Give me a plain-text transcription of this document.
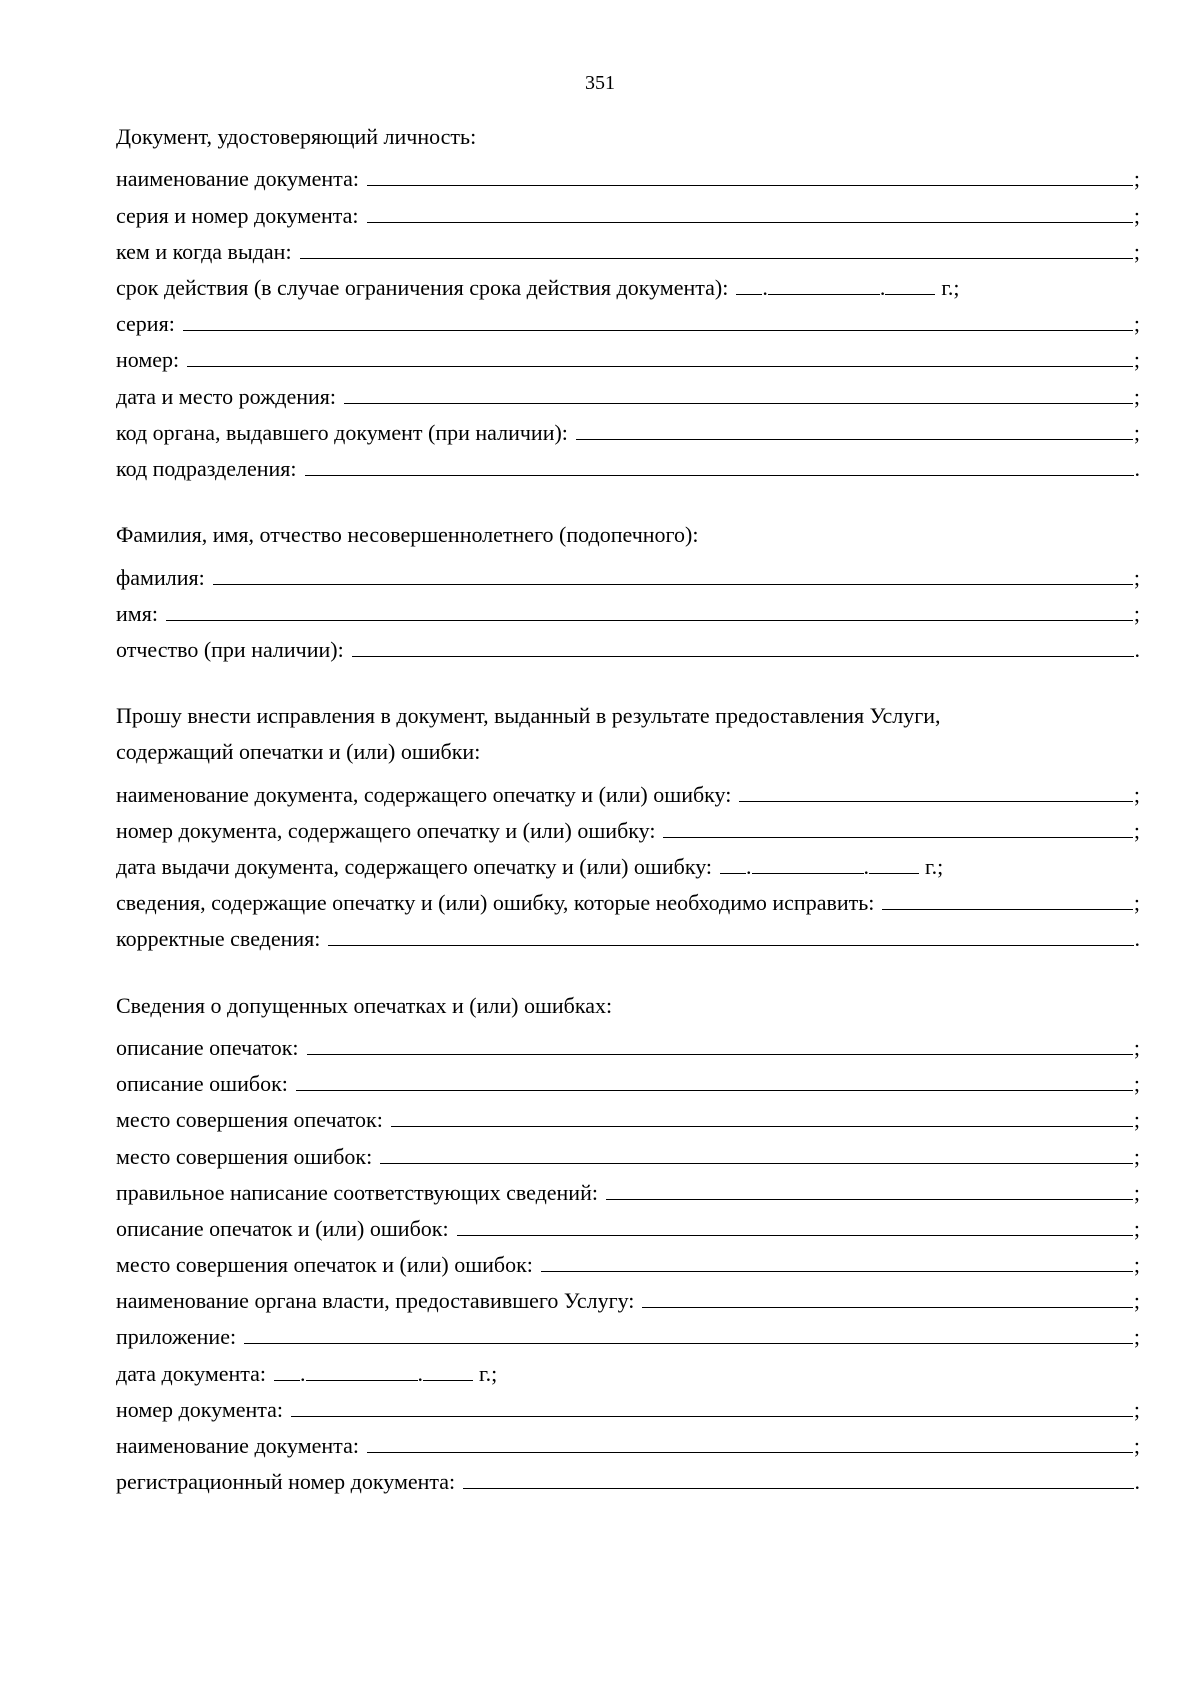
351
Документ, удостоверяющий личность:
наименование документа:	;
серия и номер документа:	;
кем и когда выдан:	;
срок действия (в случае ограничения срока действия документа): .	.	г.;
серия:	;
номер:	;
дата и место рождения:	;
код органа, выдавшего документ (при наличии):	;
код подразделения:	.
Фамилия, имя, отчество несовершеннолетнего (подопечного):
фамилия:	;
имя:	;
отчество (при наличии):	.
Прошу внести исправления в документ, выданный в результате предоставления Услуги,
содержащий опечатки и (или) ошибки:
наименование документа, содержащего опечатку и (или) ошибку:	;
номер документа, содержащего опечатку и (или) ошибку:	;
дата выдачи документа, содержащего опечатку и (или) ошибку: .	.	г.;
сведения, содержащие опечатку и (или) ошибку, которые необходимо исправить:	;
корректные сведения:	.
Сведения о допущенных опечатках и (или) ошибках:
описание опечаток:	;
описание ошибок:	;
место совершения опечаток:	;
место совершения ошибок:	;
правильное написание соответствующих сведений:	;
описание опечаток и (или) ошибок:	;
место совершения опечаток и (или) ошибок:	;
наименование органа власти, предоставившего Услугу:	;
приложение:	;
дата документа: .	.	г.;
номер документа:	;
наименование документа:	;
регистрационный номер документа:	.
